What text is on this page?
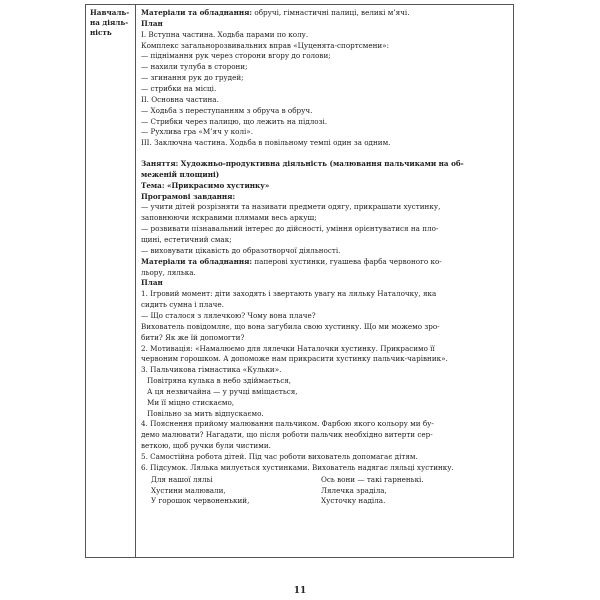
Навчаль-
на діяль-
ність
Матеріали та обладнання: обручі, гімнастичні палиці, великі м’ячі.
План
І. Вступна частина. Ходьба парами по колу.
Комплекс загальнорозвивальних вправ «Цуценята-спортсмени»:
— піднімання рук через сторони вгору до голови;
— нахили тулуба в сторони;
— згинання рук до грудей;
— стрибки на місці.
ІІ. Основна частина.
— Ходьба з переступанням з обруча в обруч.
— Стрибки через палицю, що лежить на підлозі.
— Рухлива гра «М’яч у колі».
ІІІ. Заключна частина. Ходьба в повільному темпі один за одним.
Заняття: Художньо-продуктивна діяльність (малювання пальчиками на об-
меженій площині)
Тема: «Прикрасимо хустинку»
Програмові завдання:
— учити дітей розрізняти та називати предмети одягу, прикрашати хустинку,
заповнюючи яскравими плямами весь аркуш;
— розвивати пізнавальний інтерес до дійсності, уміння орієнтуватися на пло-
щині, естетичний смак;
— виховувати цікавість до образотворчої діяльності.
Матеріали та обладнання: паперові хустинки, гуашева фарба червоного ко-
льору, лялька.
План
1. Ігровий момент: діти заходять і звертають увагу на ляльку Наталочку, яка
сидить сумна і плаче.
— Що сталося з лялечкою? Чому вона плаче?
Вихователь повідомляє, що вона загубила свою хустинку. Що ми можемо зро-
бити? Як же їй допомогти?
2. Мотивація: «Намалюємо для лялечки Наталочки хустинку. Прикрасимо її
червоним горошком. А допоможе нам прикрасити хустинку пальчик-чарівник».
3. Пальчикова гімнастика «Кульки».
Повітряна кулька в небо здіймається,
А ця незвичайна — у ручці вміщається,
Ми її міцно стискаємо,
Повільно за мить відпускаємо.
4. Пояснення прийому малювання пальчиком. Фарбою якого кольору ми бу-
демо малювати? Нагадати, що після роботи пальчик необхідно витерти сер-
веткою, щоб ручки були чистими.
5. Самостійна робота дітей. Під час роботи вихователь допомагає дітям.
6. Підсумок. Лялька милується хустинками. Вихователь надягає ляльці хустинку.
Для нашої ляльі
Хустини малювали,
У горошок червоненький,
Ось вони — такі гарненькі.
Лялечка зраділа,
Хусточку наділа.
11
